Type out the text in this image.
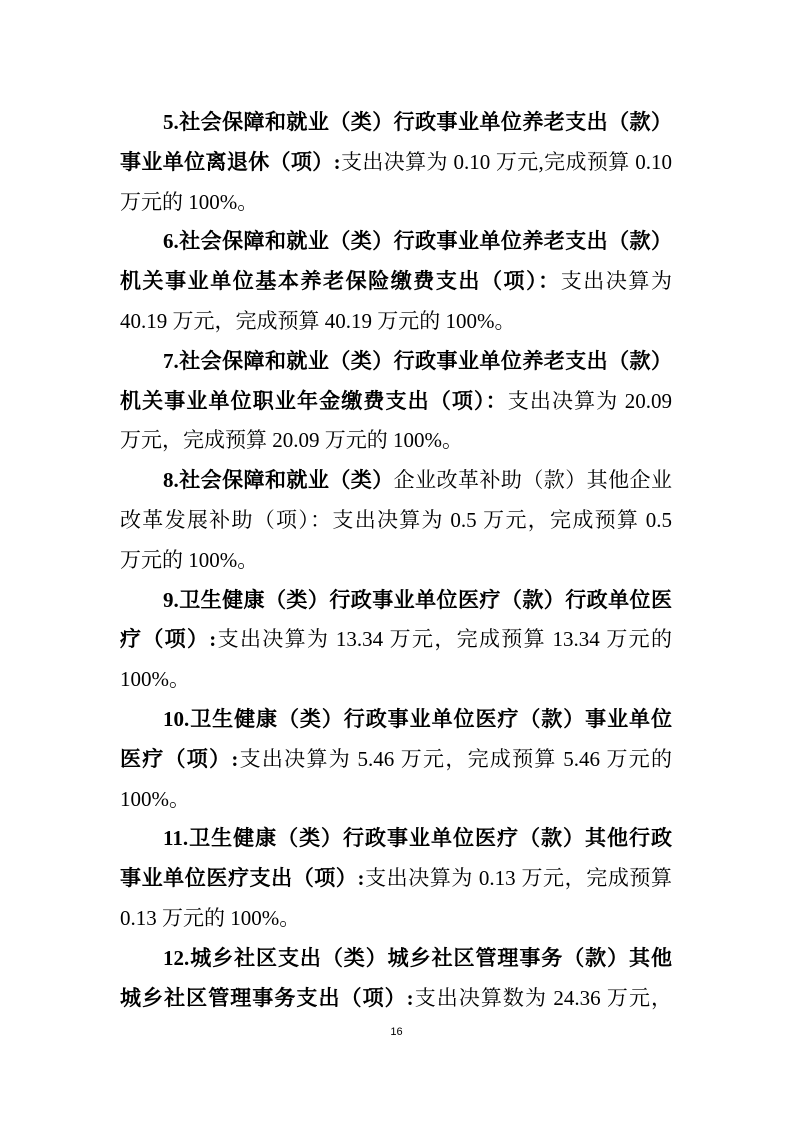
5.社会保障和就业（类）行政事业单位养老支出（款）
事业单位离退休（项）:支出决算为 0.10 万元,完成预算 0.10
万元的 100%。
6.社会保障和就业（类）行政事业单位养老支出（款）
机关事业单位基本养老保险缴费支出（项）：支出决算为
40.19 万元，完成预算 40.19 万元的 100%。
7.社会保障和就业（类）行政事业单位养老支出（款）
机关事业单位职业年金缴费支出（项）：支出决算为 20.09
万元，完成预算 20.09 万元的 100%。
8.社会保障和就业（类）企业改革补助（款）其他企业
改革发展补助（项）：支出决算为 0.5 万元，完成预算 0.5
万元的 100%。
9.卫生健康（类）行政事业单位医疗（款）行政单位医
疗（项）:支出决算为 13.34 万元，完成预算 13.34 万元的
100%。
10.卫生健康（类）行政事业单位医疗（款）事业单位
医疗（项）:支出决算为 5.46 万元，完成预算 5.46 万元的
100%。
11.卫生健康（类）行政事业单位医疗（款）其他行政
事业单位医疗支出（项）:支出决算为 0.13 万元，完成预算
0.13 万元的 100%。
12.城乡社区支出（类）城乡社区管理事务（款）其他
城乡社区管理事务支出（项）:支出决算数为 24.36 万元，
16
